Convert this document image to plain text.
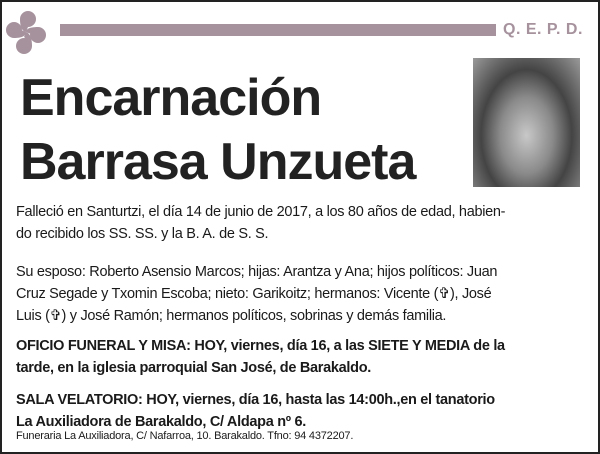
Q. E. P. D.
Encarnación
Barrasa Unzueta
Falleció en Santurtzi, el día 14 de junio de 2017, a los 80 años de edad, habien-
do recibido los SS. SS. y la B. A. de S. S.
Su esposo: Roberto Asensio Marcos; hijas: Arantza y Ana; hijos políticos: Juan
Cruz Segade y Txomin Escoba; nieto: Garikoitz; hermanos: Vicente (✞), José
Luis (✞) y José Ramón; hermanos políticos, sobrinas y demás familia.
OFICIO FUNERAL Y MISA: HOY, viernes, día 16, a las SIETE Y MEDIA de la
tarde, en la iglesia parroquial San José, de Barakaldo.
SALA VELATORIO: HOY, viernes, día 16, hasta las 14:00h.,en el tanatorio
La Auxiliadora de Barakaldo, C/ Aldapa nº 6.
Funeraria La Auxiliadora, C/ Nafarroa, 10. Barakaldo. Tfno: 94 4372207.
